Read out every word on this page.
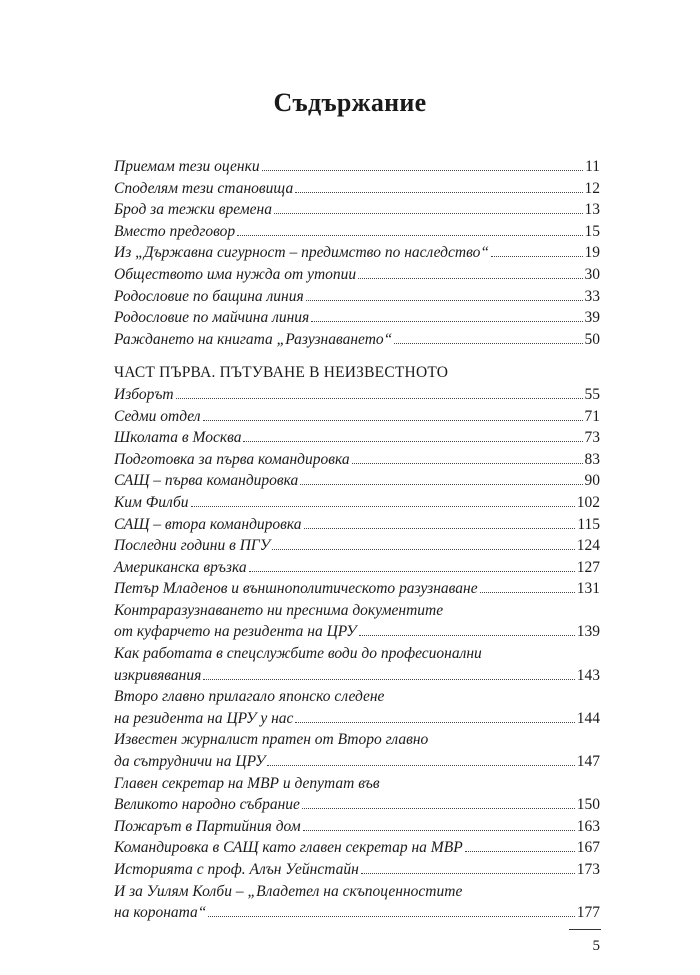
Съдържание
Приемам тези оценки	11
Споделям тези становища	12
Брод за тежки времена	13
Вместо предговор	15
Из „Държавна сигурност – предимство по наследство“	19
Обществото има нужда от утопии	30
Родословие по бащина линия	33
Родословие по майчина линия	39
Раждането на книгата „Разузнаването“	50
ЧАСТ ПЪРВА. ПЪТУВАНЕ В НЕИЗВЕСТНОТО
Изборът	55
Седми отдел	71
Школата в Москва	73
Подготовка за първа командировка	83
САЩ – първа командировка	90
Ким Филби	102
САЩ – втора командировка	115
Последни години в ПГУ	124
Американска връзка	127
Петър Младенов и външнополитическото разузнаване	131
Контраразузнаването ни преснима документите
от куфарчето на резидента на ЦРУ	139
Как работата в спецслужбите води до професионални
изкривявания	143
Второ главно прилагало японско следене
на резидента на ЦРУ у нас	144
Известен журналист пратен от Второ главно
да сътрудничи на ЦРУ	147
Главен секретар на МВР и депутат във
Великото народно събрание	150
Пожарът в Партийния дом	163
Командировка в САЩ като главен секретар на МВР	167
Историята с проф. Алън Уейнстайн	173
И за Уилям Колби – „Владетел на скъпоценностите
на короната“	177
5
